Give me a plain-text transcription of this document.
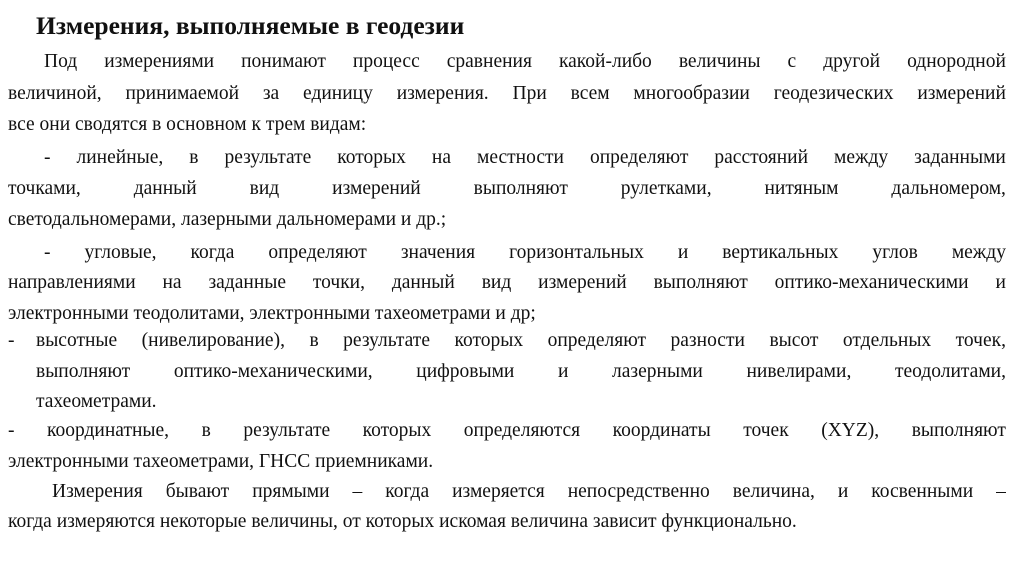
Измерения, выполняемые в геодезии
Под измерениями понимают процесс сравнения какой-либо величины с другой однородной
величиной, принимаемой за единицу измерения. При всем многообразии геодезических измерений
все они сводятся в основном к трем видам:
- линейные, в результате которых на местности определяют расстояний между заданными
точками,	данный	вид	измерений	выполняют	рулетками,	нитяным	дальномером,
светодальномерами, лазерными дальномерами и др.;
- угловые, когда определяют значения горизонтальных и вертикальных углов между
направлениями на заданные точки, данный вид измерений выполняют оптико-механическими и
электронными теодолитами, электронными тахеометрами и др;
- высотные (нивелирование), в результате которых определяют разности высот отдельных точек,
выполняют оптико-механическими, цифровыми и лазерными нивелирами, теодолитами,
тахеометрами.
- координатные, в результате которых определяются координаты точек (XYZ), выполняют
электронными тахеометрами, ГНСС приемниками.
Измерения бывают прямыми – когда измеряется непосредственно величина, и косвенными –
когда измеряются некоторые величины, от которых искомая величина зависит функционально.
